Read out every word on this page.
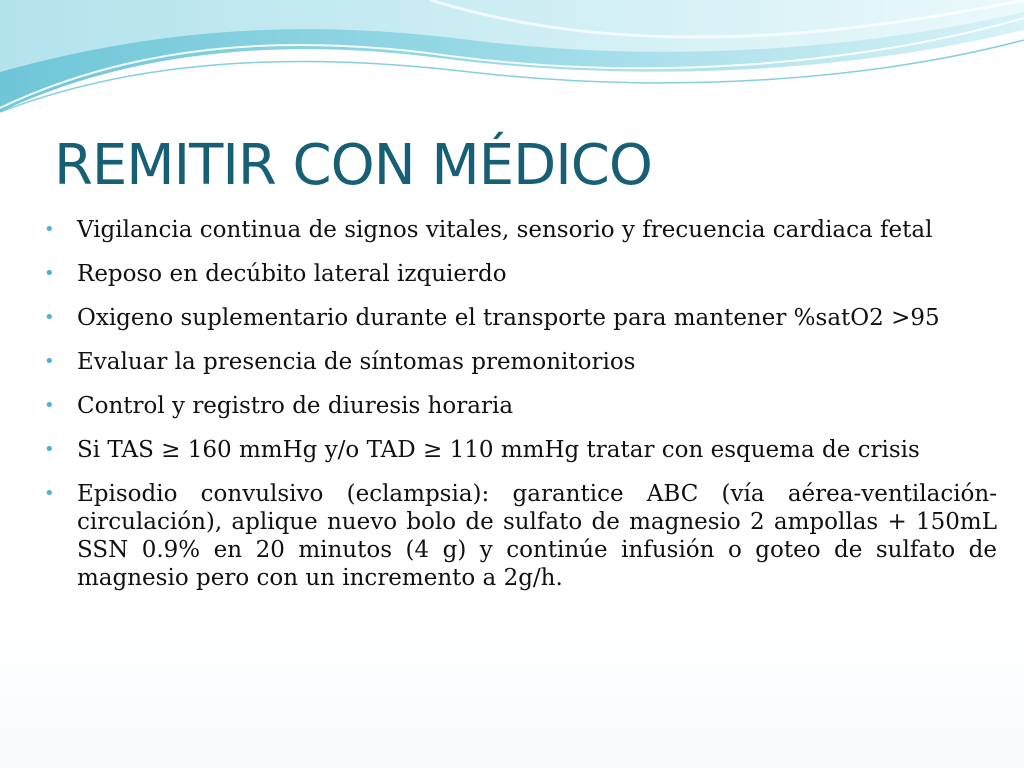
REMITIR CON MÉDICO
• Vigilancia continua de signos vitales, sensorio y frecuencia cardiaca fetal
• Reposo en decúbito lateral izquierdo
• Oxigeno suplementario durante el transporte para mantener %satO2 >95
• Evaluar la presencia de síntomas premonitorios
• Control y registro de diuresis horaria
• Si TAS ≥ 160 mmHg y/o TAD ≥ 110 mmHg tratar con esquema de crisis
• Episodio convulsivo (eclampsia): garantice ABC (vía aérea-ventilación-circulación), aplique nuevo bolo de sulfato de magnesio 2 ampollas + 150mL SSN 0.9% en 20 minutos (4 g) y continúe infusión o goteo de sulfato de magnesio pero con un incremento a 2g/h.
